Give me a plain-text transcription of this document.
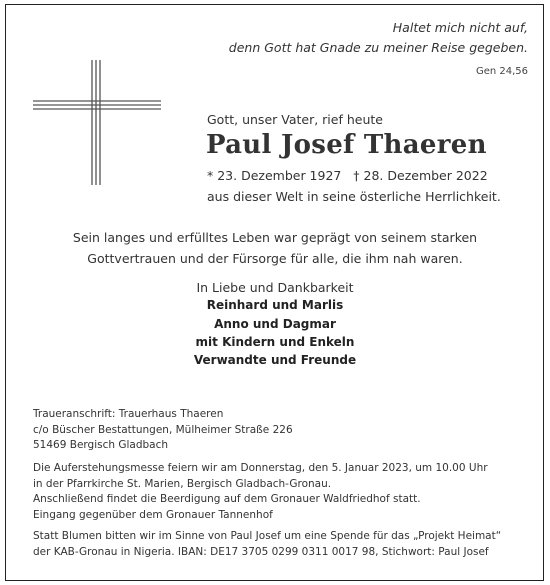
Haltet mich nicht auf,
denn Gott hat Gnade zu meiner Reise gegeben.
Gen 24,56
Gott, unser Vater, rief heute
Paul Josef Thaeren
* 23. Dezember 1927 † 28. Dezember 2022
aus dieser Welt in seine österliche Herrlichkeit.
Sein langes und erfülltes Leben war geprägt von seinem starken
Gottvertrauen und der Fürsorge für alle, die ihm nah waren.
In Liebe und Dankbarkeit
Reinhard und Marlis
Anno und Dagmar
mit Kindern und Enkeln
Verwandte und Freunde
Traueranschrift: Trauerhaus Thaeren
c/o Büscher Bestattungen, Mülheimer Straße 226
51469 Bergisch Gladbach
Die Auferstehungsmesse feiern wir am Donnerstag, den 5. Januar 2023, um 10.00 Uhr
in der Pfarrkirche St. Marien, Bergisch Gladbach-Gronau.
Anschließend findet die Beerdigung auf dem Gronauer Waldfriedhof statt.
Eingang gegenüber dem Gronauer Tannenhof
Statt Blumen bitten wir im Sinne von Paul Josef um eine Spende für das „Projekt Heimat“
der KAB-Gronau in Nigeria. IBAN: DE17 3705 0299 0311 0017 98, Stichwort: Paul Josef
